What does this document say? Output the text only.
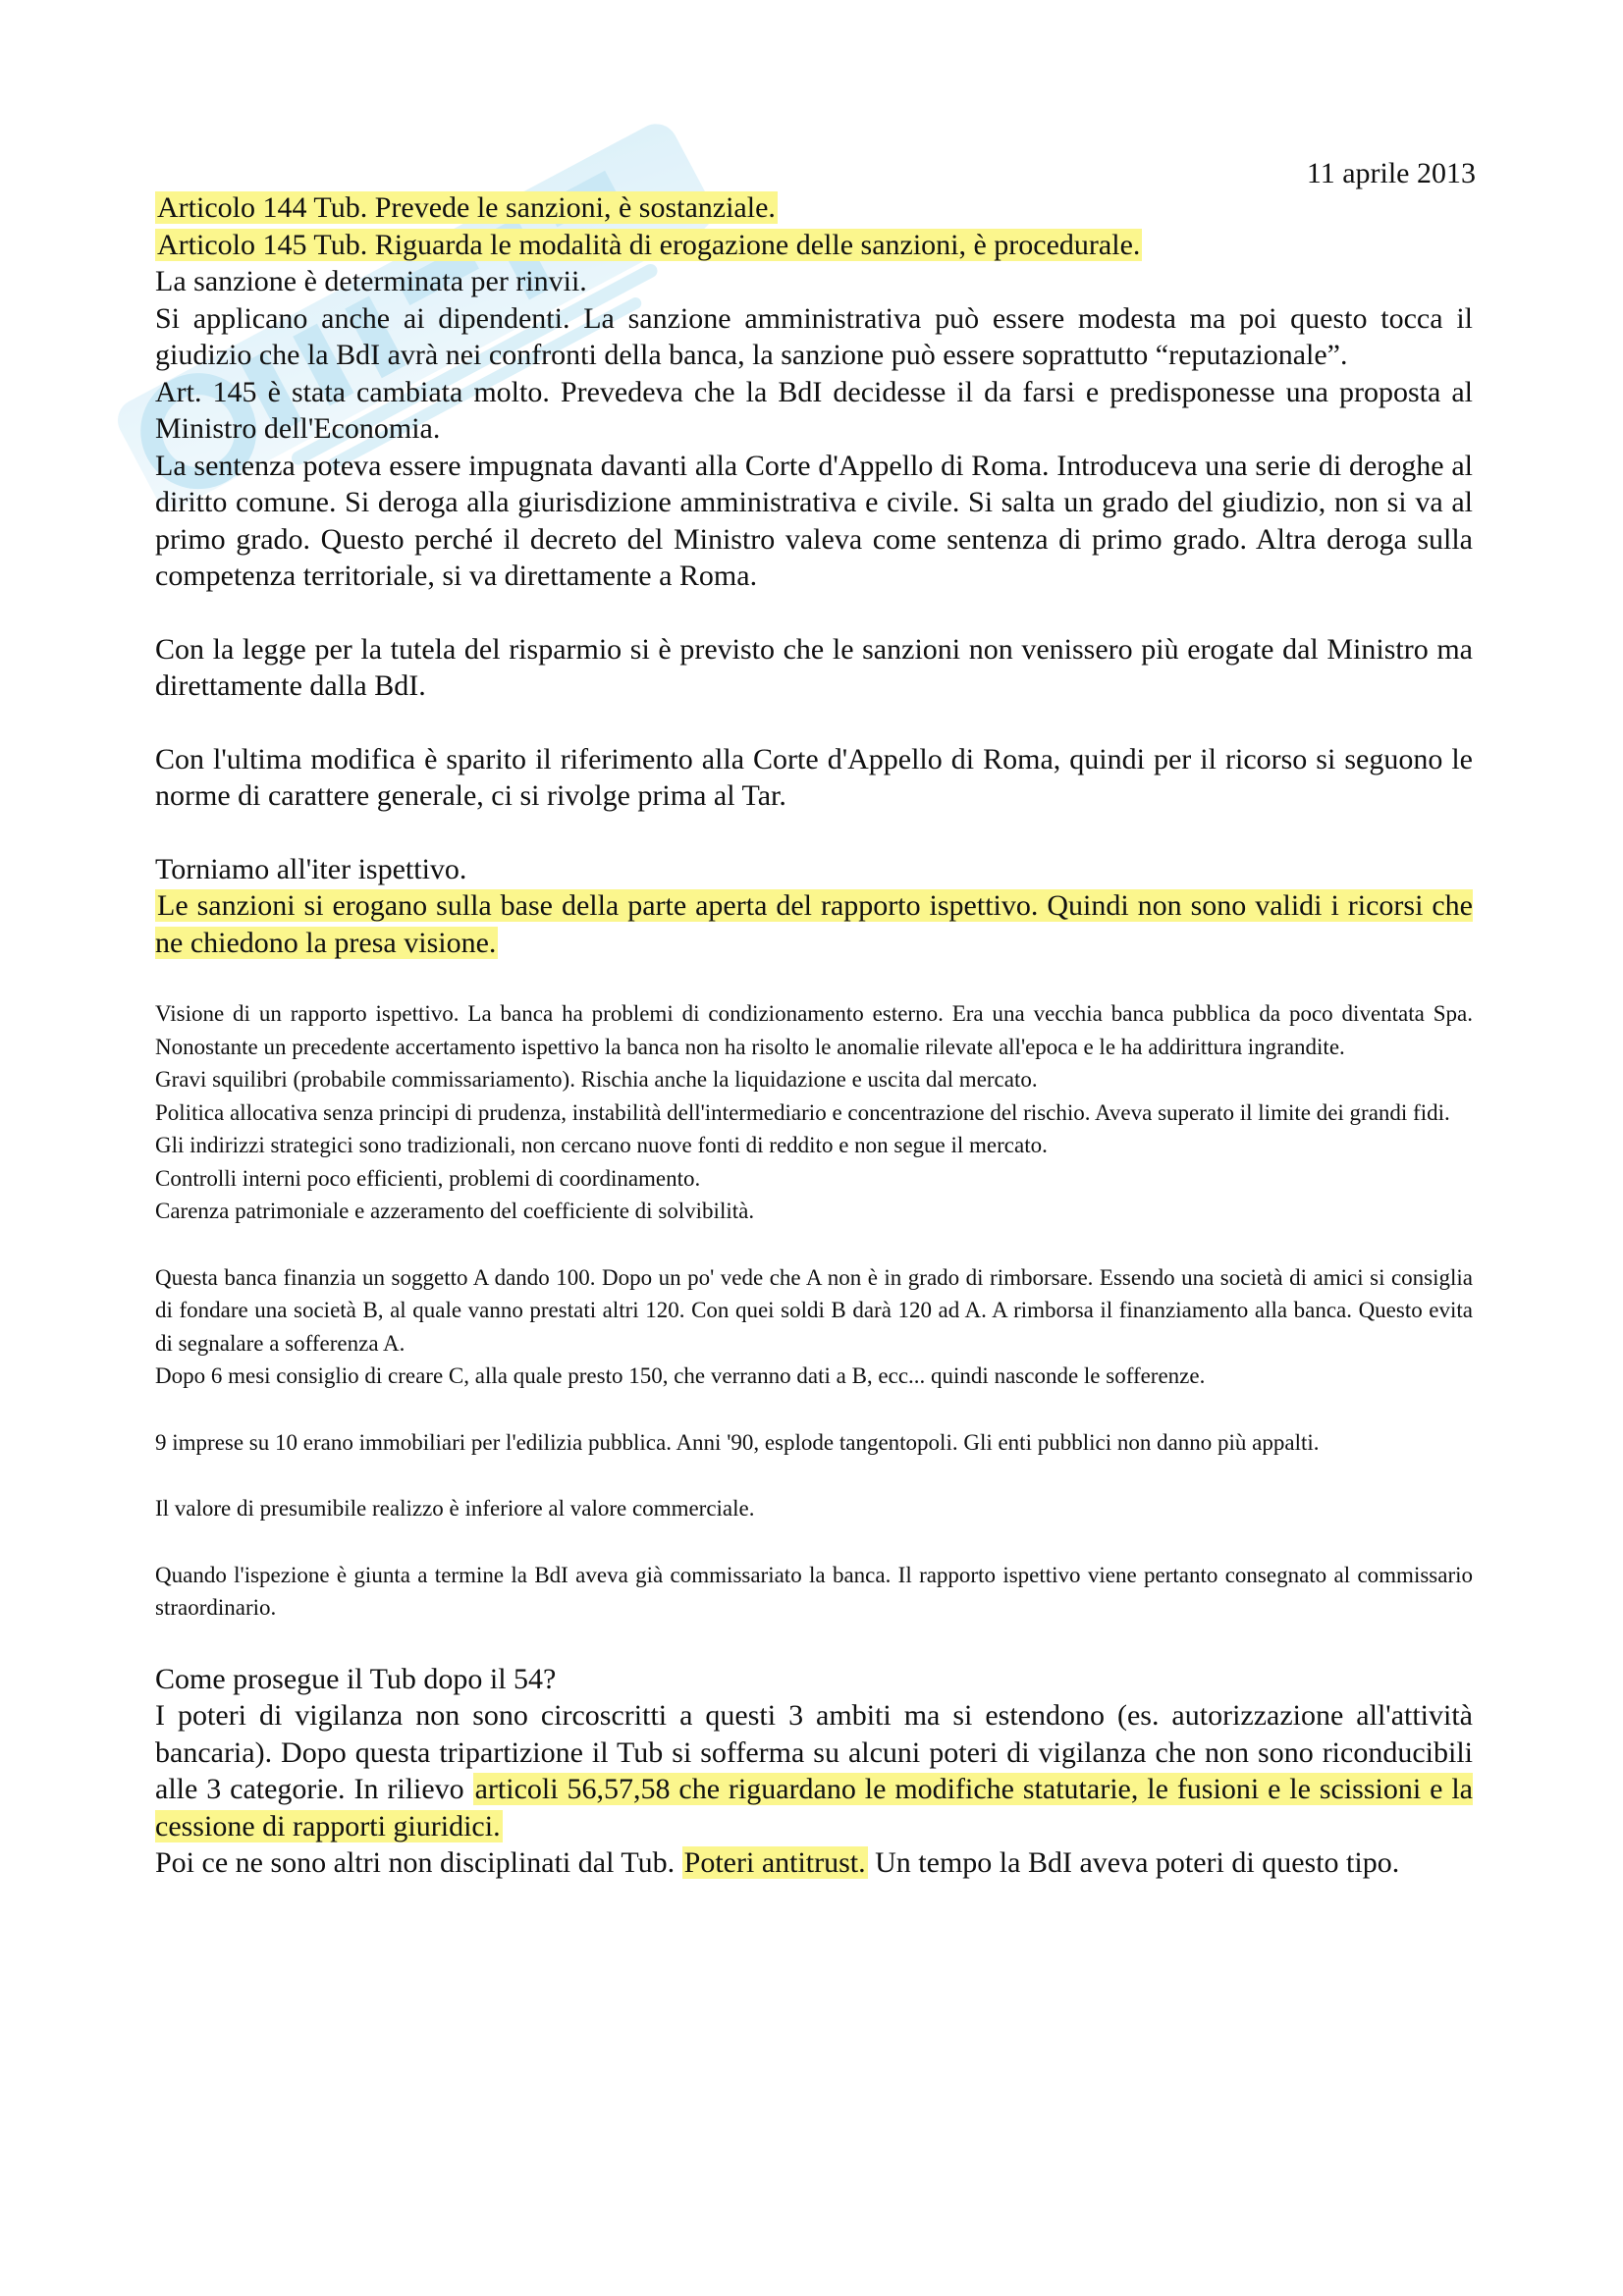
11 aprile 2013

Articolo 144 Tub. Prevede le sanzioni, è sostanziale.

Articolo 145 Tub. Riguarda le modalità di erogazione delle sanzioni, è procedurale.

La sanzione è determinata per rinvii.

Si applicano anche ai dipendenti. La sanzione amministrativa può essere modesta ma poi questo tocca il giudizio che la BdI avrà nei confronti della banca, la sanzione può essere soprattutto “reputazionale”.

Art. 145 è stata cambiata molto. Prevedeva che la BdI decidesse il da farsi e predisponesse una proposta al Ministro dell'Economia.

La sentenza poteva essere impugnata davanti alla Corte d'Appello di Roma. Introduceva una serie di deroghe al diritto comune. Si deroga alla giurisdizione amministrativa e civile. Si salta un grado del giudizio, non si va al primo grado. Questo perché il decreto del Ministro valeva come sentenza di primo grado. Altra deroga sulla competenza territoriale, si va direttamente a Roma.

Con la legge per la tutela del risparmio si è previsto che le sanzioni non venissero più erogate dal Ministro ma direttamente dalla BdI.

Con l'ultima modifica è sparito il riferimento alla Corte d'Appello di Roma, quindi per il ricorso si seguono le norme di carattere generale, ci si rivolge prima al Tar.

Torniamo all'iter ispettivo.

Le sanzioni si erogano sulla base della parte aperta del rapporto ispettivo. Quindi non sono validi i ricorsi che ne chiedono la presa visione.

Visione di un rapporto ispettivo. La banca ha problemi di condizionamento esterno. Era una vecchia banca pubblica da poco diventata Spa. Nonostante un precedente accertamento ispettivo la banca non ha risolto le anomalie rilevate all'epoca e le ha addirittura ingrandite.

Gravi squilibri (probabile commissariamento). Rischia anche la liquidazione e uscita dal mercato.

Politica allocativa senza principi di prudenza, instabilità dell'intermediario e concentrazione del rischio. Aveva superato il limite dei grandi fidi.

Gli indirizzi strategici sono tradizionali, non cercano nuove fonti di reddito e non segue il mercato.

Controlli interni poco efficienti, problemi di coordinamento.

Carenza patrimoniale e azzeramento del coefficiente di solvibilità.

Questa banca finanzia un soggetto A dando 100. Dopo un po' vede che A non è in grado di rimborsare. Essendo una società di amici si consiglia di fondare una società B, al quale vanno prestati altri 120. Con quei soldi B darà 120 ad A. A rimborsa il finanziamento alla banca. Questo evita di segnalare a sofferenza A.

Dopo 6 mesi consiglio di creare C, alla quale presto 150, che verranno dati a B, ecc... quindi nasconde le sofferenze.

9 imprese su 10 erano immobiliari per l'edilizia pubblica. Anni '90, esplode tangentopoli. Gli enti pubblici non danno più appalti.

Il valore di presumibile realizzo è inferiore al valore commerciale.

Quando l'ispezione è giunta a termine la BdI aveva già commissariato la banca. Il rapporto ispettivo viene pertanto consegnato al commissario straordinario.

Come prosegue il Tub dopo il 54?

I poteri di vigilanza non sono circoscritti a questi 3 ambiti ma si estendono (es. autorizzazione all'attività bancaria). Dopo questa tripartizione il Tub si sofferma su alcuni poteri di vigilanza che non sono riconducibili alle 3 categorie. In rilievo articoli 56,57,58 che riguardano le modifiche statutarie, le fusioni e le scissioni e la cessione di rapporti giuridici.

Poi ce ne sono altri non disciplinati dal Tub. Poteri antitrust. Un tempo la BdI aveva poteri di questo tipo.
